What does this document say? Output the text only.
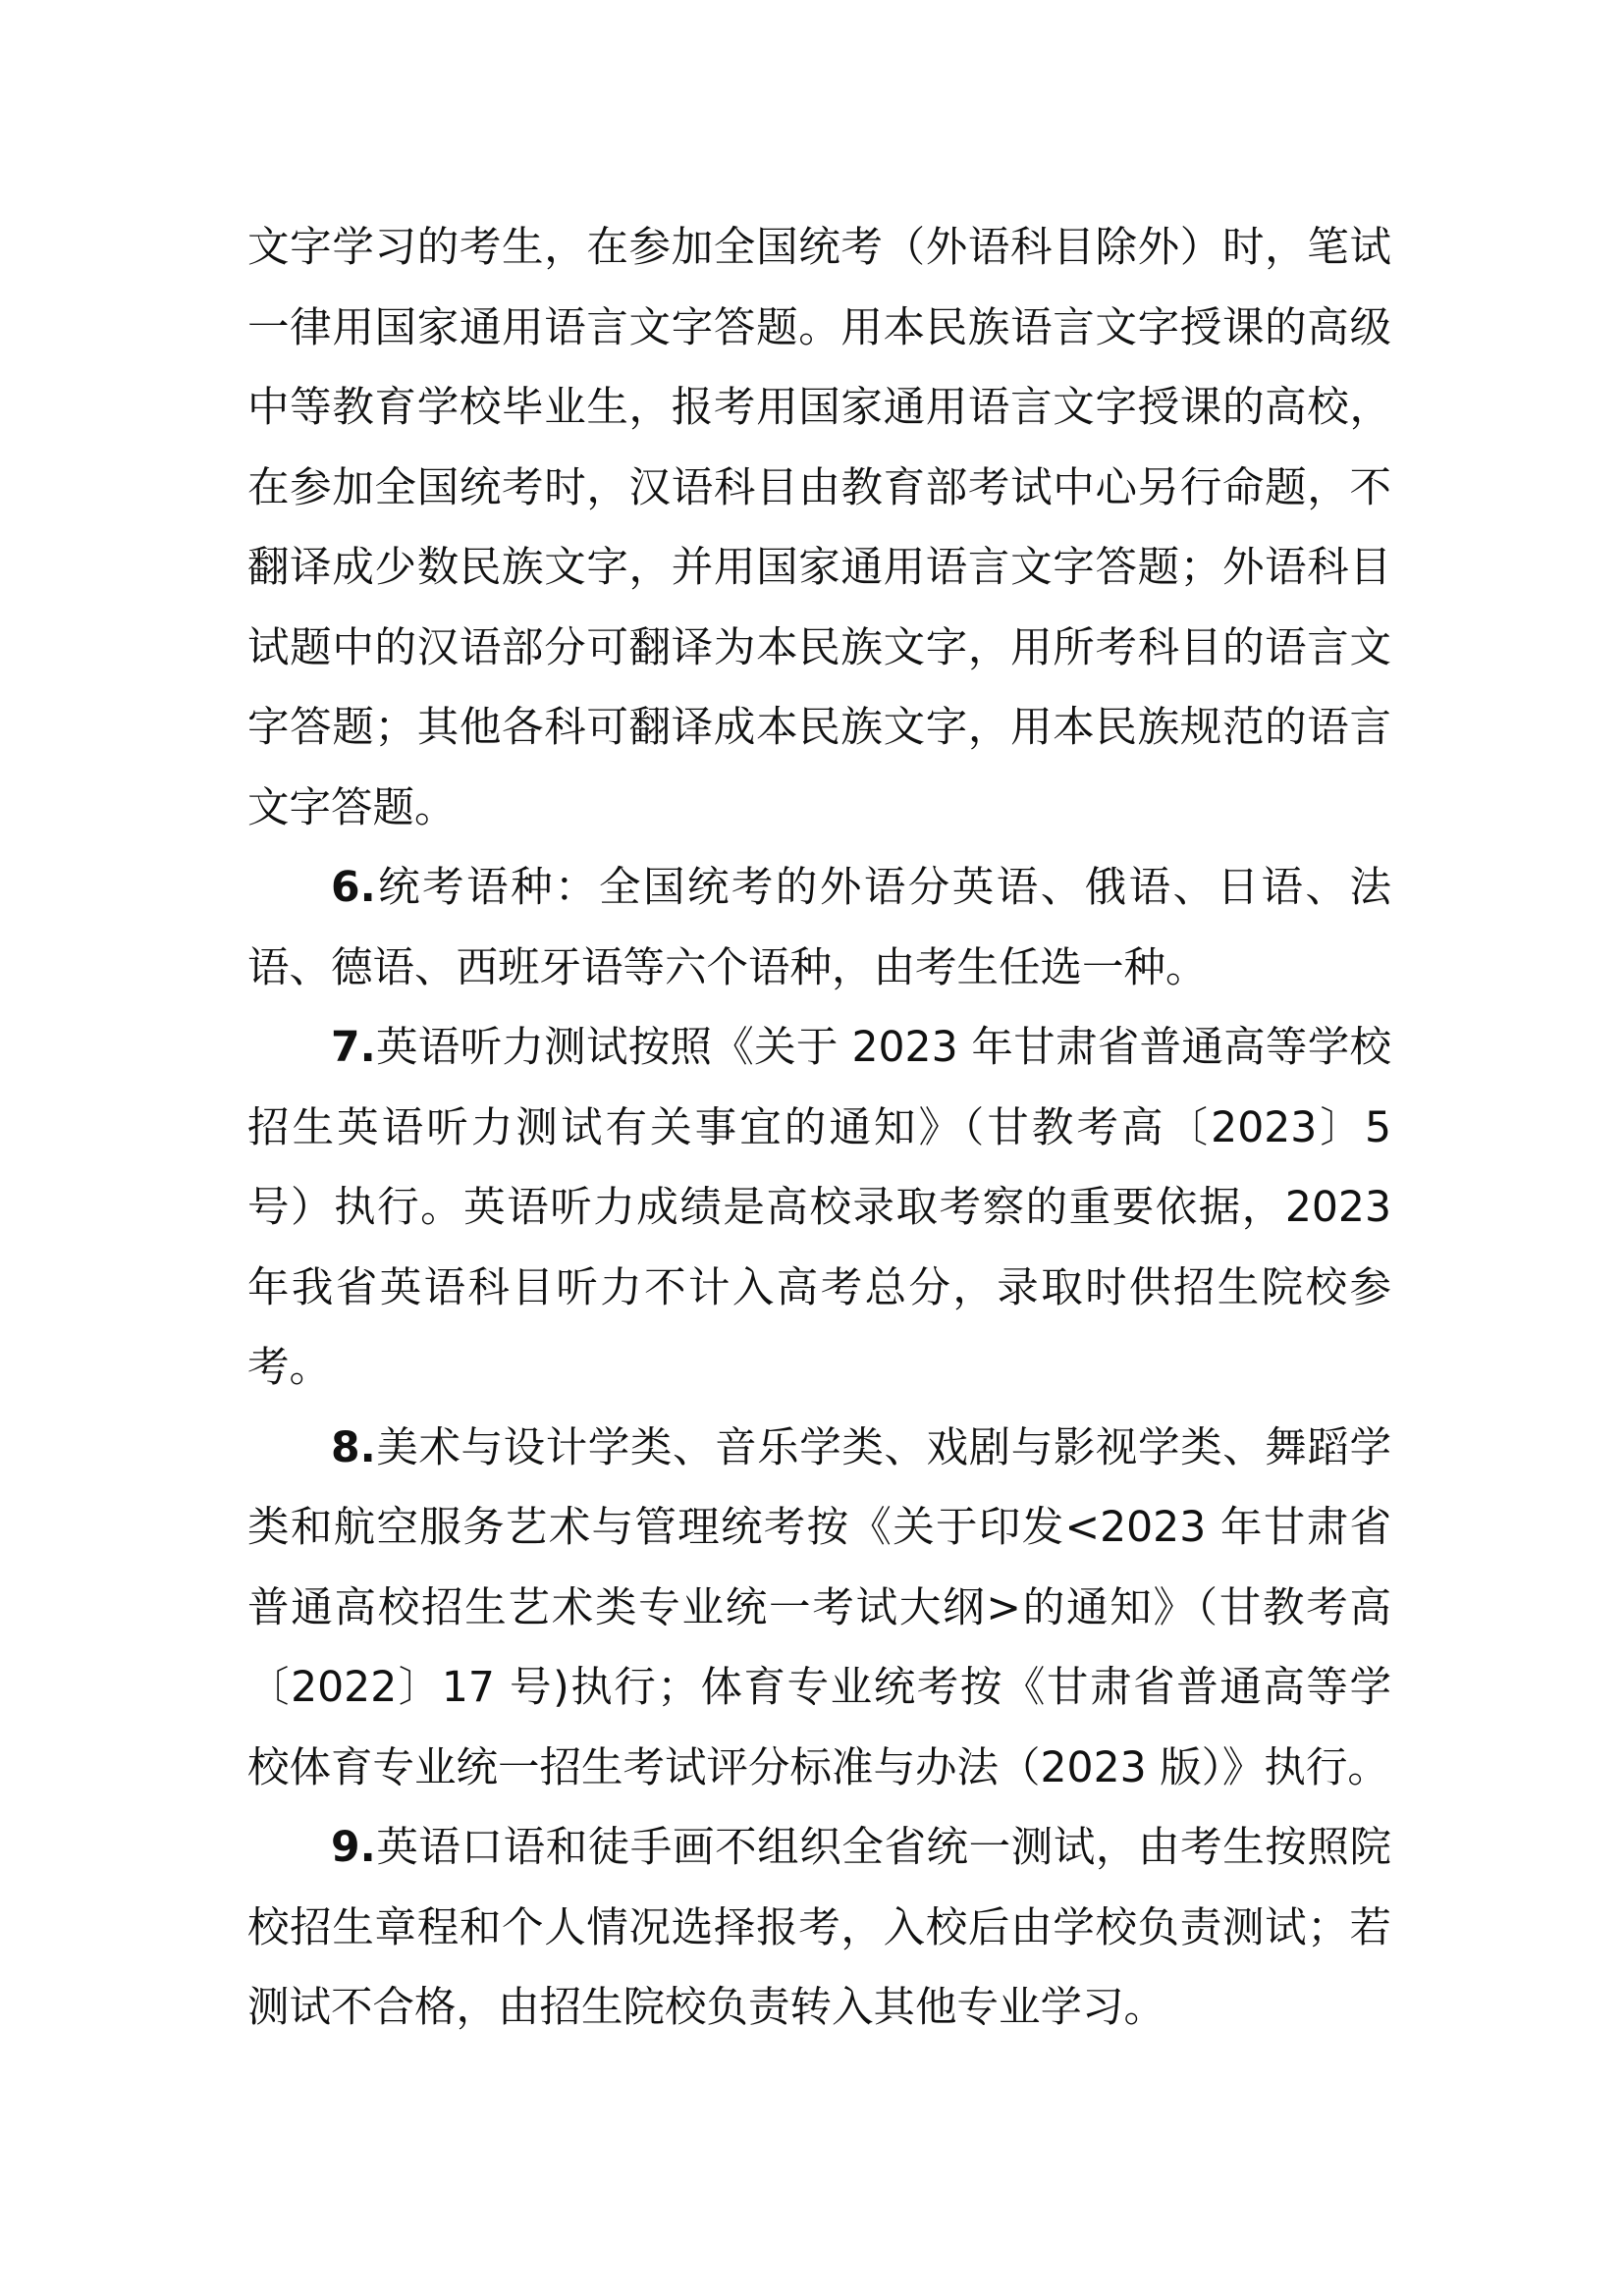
文字学习的考生，在参加全国统考（外语科目除外）时，笔试一律用国家通用语言文字答题。用本民族语言文字授课的高级中等教育学校毕业生，报考用国家通用语言文字授课的高校，在参加全国统考时，汉语科目由教育部考试中心另行命题，不翻译成少数民族文字，并用国家通用语言文字答题；外语科目试题中的汉语部分可翻译为本民族文字，用所考科目的语言文字答题；其他各科可翻译成本民族文字，用本民族规范的语言文字答题。

6.统考语种：全国统考的外语分英语、俄语、日语、法语、德语、西班牙语等六个语种，由考生任选一种。

7.英语听力测试按照《关于 2023 年甘肃省普通高等学校招生英语听力测试有关事宜的通知》（甘教考高〔2023〕5 号）执行。英语听力成绩是高校录取考察的重要依据，2023 年我省英语科目听力不计入高考总分，录取时供招生院校参考。

8.美术与设计学类、音乐学类、戏剧与影视学类、舞蹈学类和航空服务艺术与管理统考按《关于印发<2023 年甘肃省普通高校招生艺术类专业统一考试大纲>的通知》（甘教考高〔2022〕17 号)执行；体育专业统考按《甘肃省普通高等学校体育专业统一招生考试评分标准与办法（2023 版）》执行。

9.英语口语和徒手画不组织全省统一测试，由考生按照院校招生章程和个人情况选择报考，入校后由学校负责测试；若测试不合格，由招生院校负责转入其他专业学习。
